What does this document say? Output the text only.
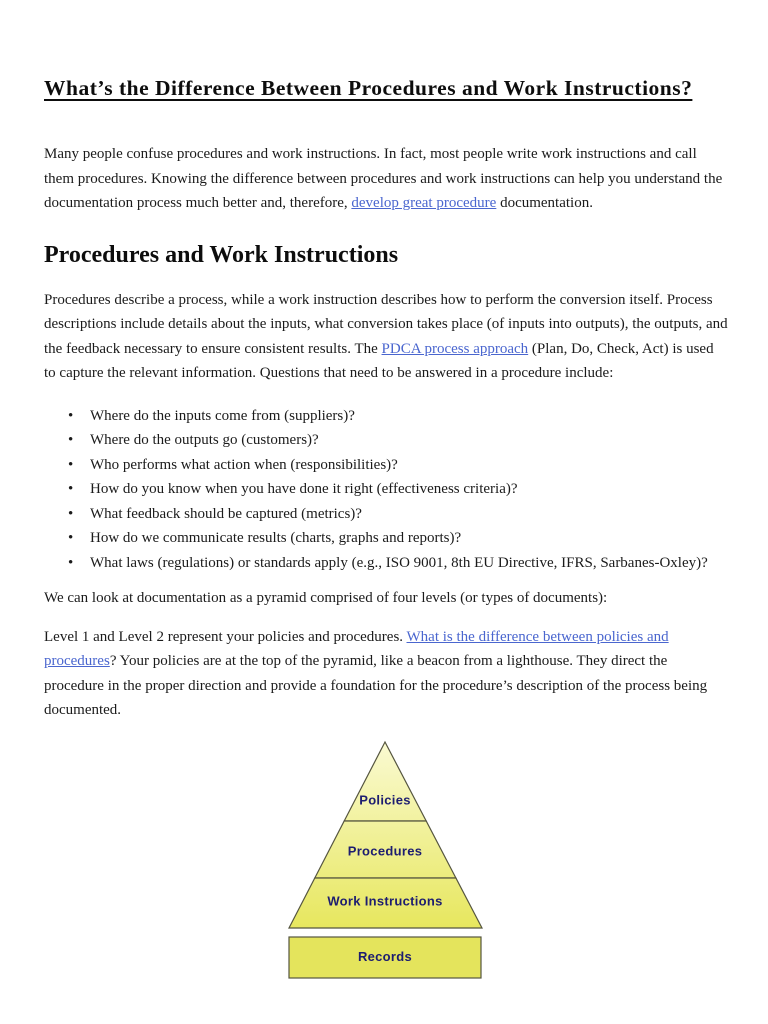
What’s the Difference Between Procedures and Work Instructions?

Many people confuse procedures and work instructions. In fact, most people write work instructions and call them procedures. Knowing the difference between procedures and work instructions can help you understand the documentation process much better and, therefore, develop great procedure documentation.

Procedures and Work Instructions

Procedures describe a process, while a work instruction describes how to perform the conversion itself. Process descriptions include details about the inputs, what conversion takes place (of inputs into outputs), the outputs, and the feedback necessary to ensure consistent results. The PDCA process approach (Plan, Do, Check, Act) is used to capture the relevant information. Questions that need to be answered in a procedure include:

•	Where do the inputs come from (suppliers)?
•	Where do the outputs go (customers)?
•	Who performs what action when (responsibilities)?
•	How do you know when you have done it right (effectiveness criteria)?
•	What feedback should be captured (metrics)?
•	How do we communicate results (charts, graphs and reports)?
•	What laws (regulations) or standards apply (e.g., ISO 9001, 8th EU Directive, IFRS, Sarbanes-Oxley)?

We can look at documentation as a pyramid comprised of four levels (or types of documents):

Level 1 and Level 2 represent your policies and procedures. What is the difference between policies and procedures? Your policies are at the top of the pyramid, like a beacon from a lighthouse. They direct the procedure in the proper direction and provide a foundation for the procedure’s description of the process being documented.

Policies
Procedures
Work Instructions
Records
